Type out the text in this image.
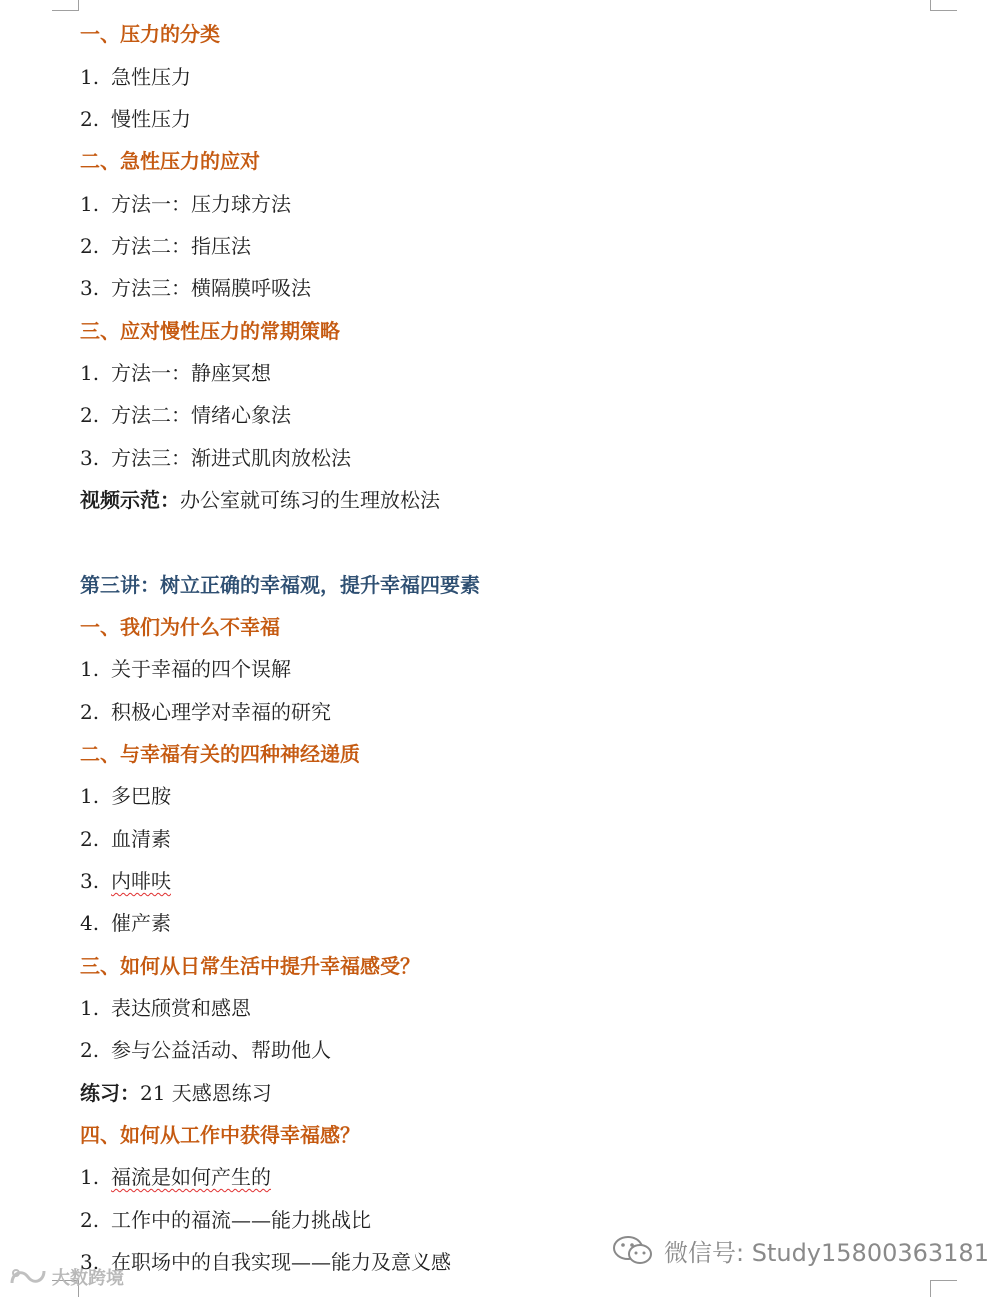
一、压力的分类
1. 急性压力
2. 慢性压力
二、急性压力的应对
1. 方法一：压力球方法
2. 方法二：指压法
3. 方法三：横隔膜呼吸法
三、应对慢性压力的常期策略
1. 方法一：静座冥想
2. 方法二：情绪心象法
3. 方法三：渐进式肌肉放松法
视频示范：办公室就可练习的生理放松法
第三讲：树立正确的幸福观，提升幸福四要素
一、我们为什么不幸福
1. 关于幸福的四个误解
2. 积极心理学对幸福的研究
二、与幸福有关的四种神经递质
1. 多巴胺
2. 血清素
3. 内啡呋
4. 催产素
三、如何从日常生活中提升幸福感受？
1. 表达颀赏和感恩
2. 参与公益活动、帮助他人
练习：21 天感恩练习
四、如何从工作中获得幸福感？
1. 福流是如何产生的
2. 工作中的福流——能力挑战比
3. 在职场中的自我实现——能力及意义感	微信号: Study15800363181
大数跨境
